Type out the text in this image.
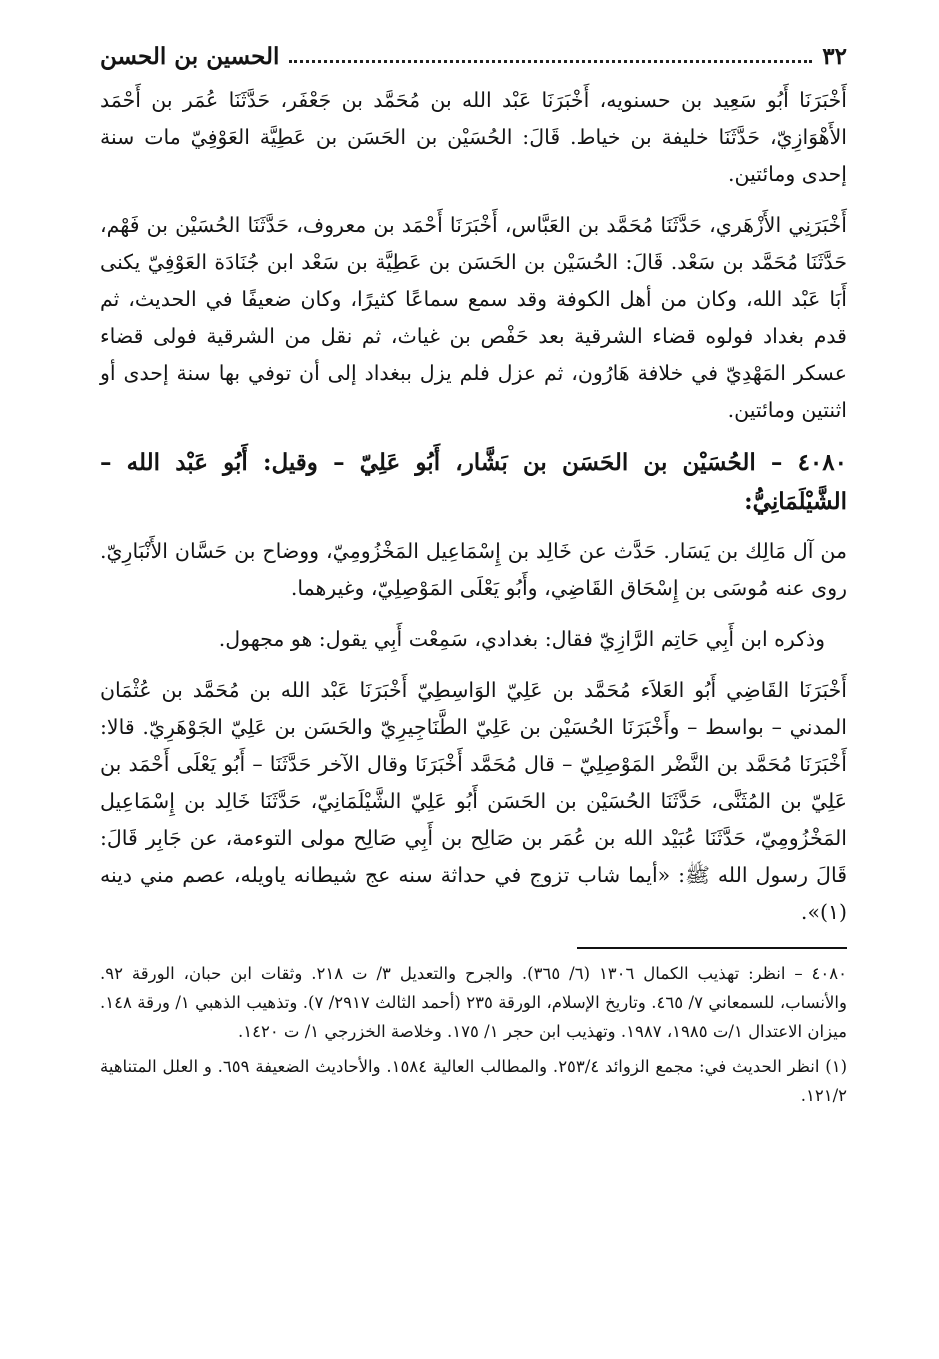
٣٢
الحسين بن الحسن

أَخْبَرَنَا أَبُو سَعِيد بن حسنويه، أَخْبَرَنَا عَبْد الله بن مُحَمَّد بن جَعْفَر، حَدَّثَنَا عُمَر بن أَحْمَد الأَهْوَازِيّ، حَدَّثَنَا خليفة بن خياط. قَالَ: الحُسَيْن بن الحَسَن بن عَطِيَّة العَوْفِيّ مات سنة إحدى ومائتين.

أَخْبَرَنِي الأَزْهَري، حَدَّثَنَا مُحَمَّد بن العَبَّاس، أَخْبَرَنَا أَحْمَد بن معروف، حَدَّثَنَا الحُسَيْن بن فَهْم، حَدَّثَنَا مُحَمَّد بن سَعْد. قَالَ: الحُسَيْن بن الحَسَن بن عَطِيَّة بن سَعْد ابن جُنَادَة العَوْفِيّ يكنى أَبَا عَبْد الله، وكان من أهل الكوفة وقد سمع سماعًا كثيرًا، وكان ضعيفًا في الحديث، ثم قدم بغداد فولوه قضاء الشرقية بعد حَفْص بن غياث، ثم نقل من الشرقية فولى قضاء عسكر المَهْدِيّ في خلافة هَارُون، ثم عزل فلم يزل ببغداد إلى أن توفي بها سنة إحدى أو اثنتين ومائتين.

٤٠٨٠ – الحُسَيْن بن الحَسَن بن بَشَّار، أَبُو عَلِيّ – وقيل: أَبُو عَبْد الله – الشَّيْلَمَانِيُّ:

من آل مَالِك بن يَسَار. حَدَّث عن خَالِد بن إِسْمَاعِيل المَخْزُومِيّ، ووضاح بن حَسَّان الأَنْبَارِيّ. روى عنه مُوسَى بن إِسْحَاق القَاضِي، وأَبُو يَعْلَى المَوْصِلِيّ، وغيرهما.

وذكره ابن أَبِي حَاتِم الرَّازِيّ فقال: بغدادي، سَمِعْت أَبِي يقول: هو مجهول.

أَخْبَرَنَا القَاضِي أَبُو العَلاَء مُحَمَّد بن عَلِيّ الوَاسِطِيّ أَخْبَرَنَا عَبْد الله بن مُحَمَّد بن عُثْمَان المدني – بواسط – وأَخْبَرَنَا الحُسَيْن بن عَلِيّ الطَّنَاجِيرِيّ والحَسَن بن عَلِيّ الجَوْهَرِيّ. قالا: أَخْبَرَنَا مُحَمَّد بن النَّضْر المَوْصِلِيّ – قال مُحَمَّد أَخْبَرَنَا وقال الآخر حَدَّثَنَا – أَبُو يَعْلَى أَحْمَد بن عَلِيّ بن المُثَنَّى، حَدَّثَنَا الحُسَيْن بن الحَسَن أَبُو عَلِيّ الشَّيْلَمَانِيّ، حَدَّثَنَا خَالِد بن إِسْمَاعِيل المَخْزُومِيّ، حَدَّثَنَا عُبَيْد الله بن عُمَر بن صَالِح بن أَبِي صَالِح مولى التوءمة، عن جَابِر قَالَ: قَالَ رسول الله ﷺ: «أيما شاب تزوج في حداثة سنه عج شيطانه ياويله، عصم مني دينه (١)».

٤٠٨٠ – انظر: تهذيب الكمال ١٣٠٦ (٦/ ٣٦٥). والجرح والتعديل ٣/ ت ٢١٨. وثقات ابن حبان، الورقة ٩٢. والأنساب، للسمعاني ٧/ ٤٦٥. وتاريخ الإسلام، الورقة ٢٣٥ (أحمد الثالث ٢٩١٧/ ٧). وتذهيب الذهبي ١/ ورقة ١٤٨. ميزان الاعتدال ١/ت ١٩٨٥، ١٩٨٧. وتهذيب ابن حجر ١/ ١٧٥. وخلاصة الخزرجي ١/ ت ١٤٢٠.

(١) انظر الحديث في: مجمع الزوائد ٢٥٣/٤. والمطالب العالية ١٥٨٤. والأحاديث الضعيفة ٦٥٩. و العلل المتناهية ١٢١/٢.
